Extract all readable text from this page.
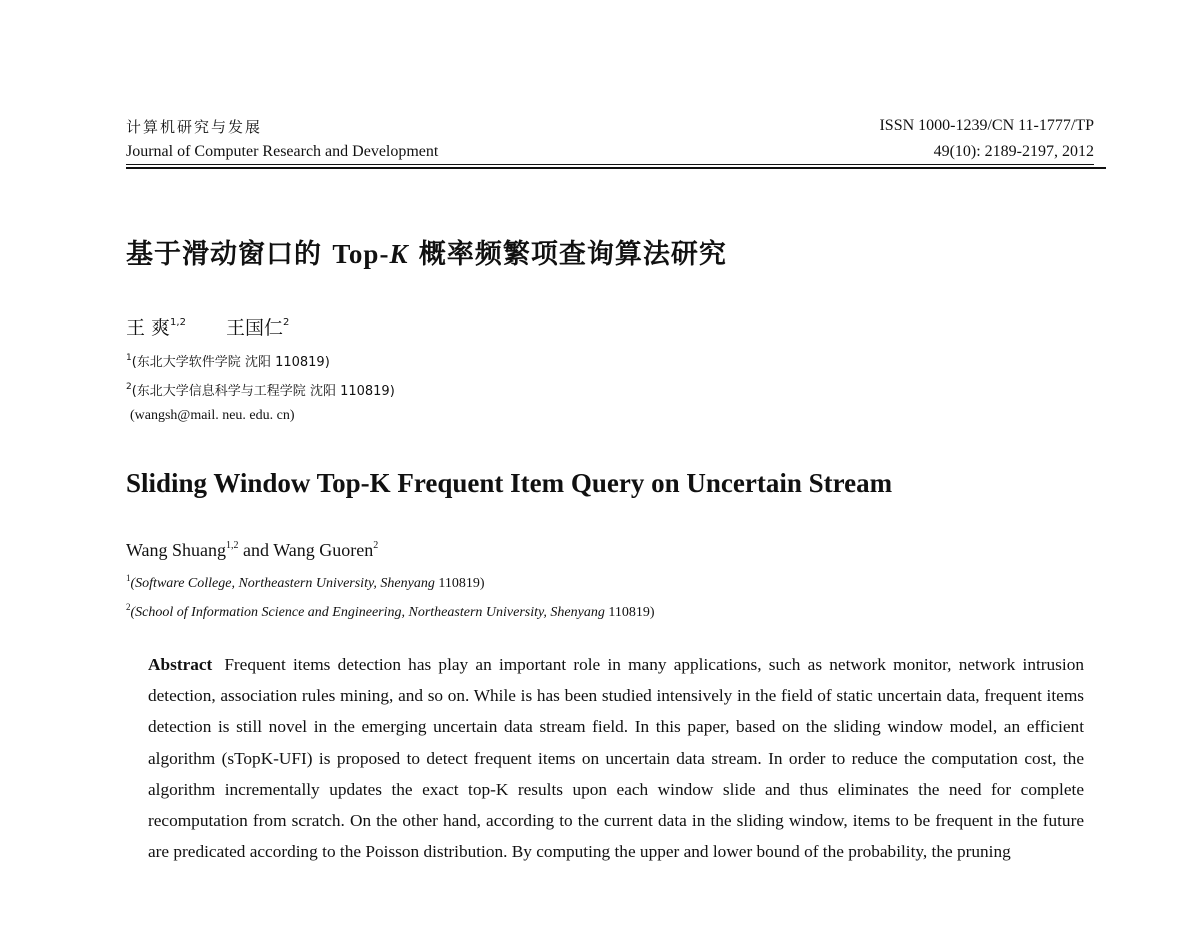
计算机研究与发展
Journal of Computer Research and Development
ISSN 1000-1239/CN 11-1777/TP
49(10): 2189-2197, 2012
基于滑动窗口的 Top-K 概率频繁项查询算法研究
王 爽$^{1,2}$ 王国仁$^2$
$^1$(东北大学软件学院 沈阳 110819)
$^2$(东北大学信息科学与工程学院 沈阳 110819)
(wangsh@mail. neu. edu. cn)
Sliding Window Top-K Frequent Item Query on Uncertain Stream
Wang Shuang$^{1,2}$ and Wang Guoren$^2$
$^1$(Software College, Northeastern University, Shenyang 110819)
$^2$(School of Information Science and Engineering, Northeastern University, Shenyang 110819)
Abstract Frequent items detection has play an important role in many applications, such as network monitor, network intrusion detection, association rules mining, and so on. While is has been studied intensively in the field of static uncertain data, frequent items detection is still novel in the emerging uncertain data stream field. In this paper, based on the sliding window model, an efficient algorithm (sTopK-UFI) is proposed to detect frequent items on uncertain data stream. In order to reduce the computation cost, the algorithm incrementally updates the exact top-K results upon each window slide and thus eliminates the need for complete recomputation from scratch. On the other hand, according to the current data in the sliding window, items to be frequent in the future are predicated according to the Poisson distribution. By computing the upper and lower bound of the probability, the pruning
